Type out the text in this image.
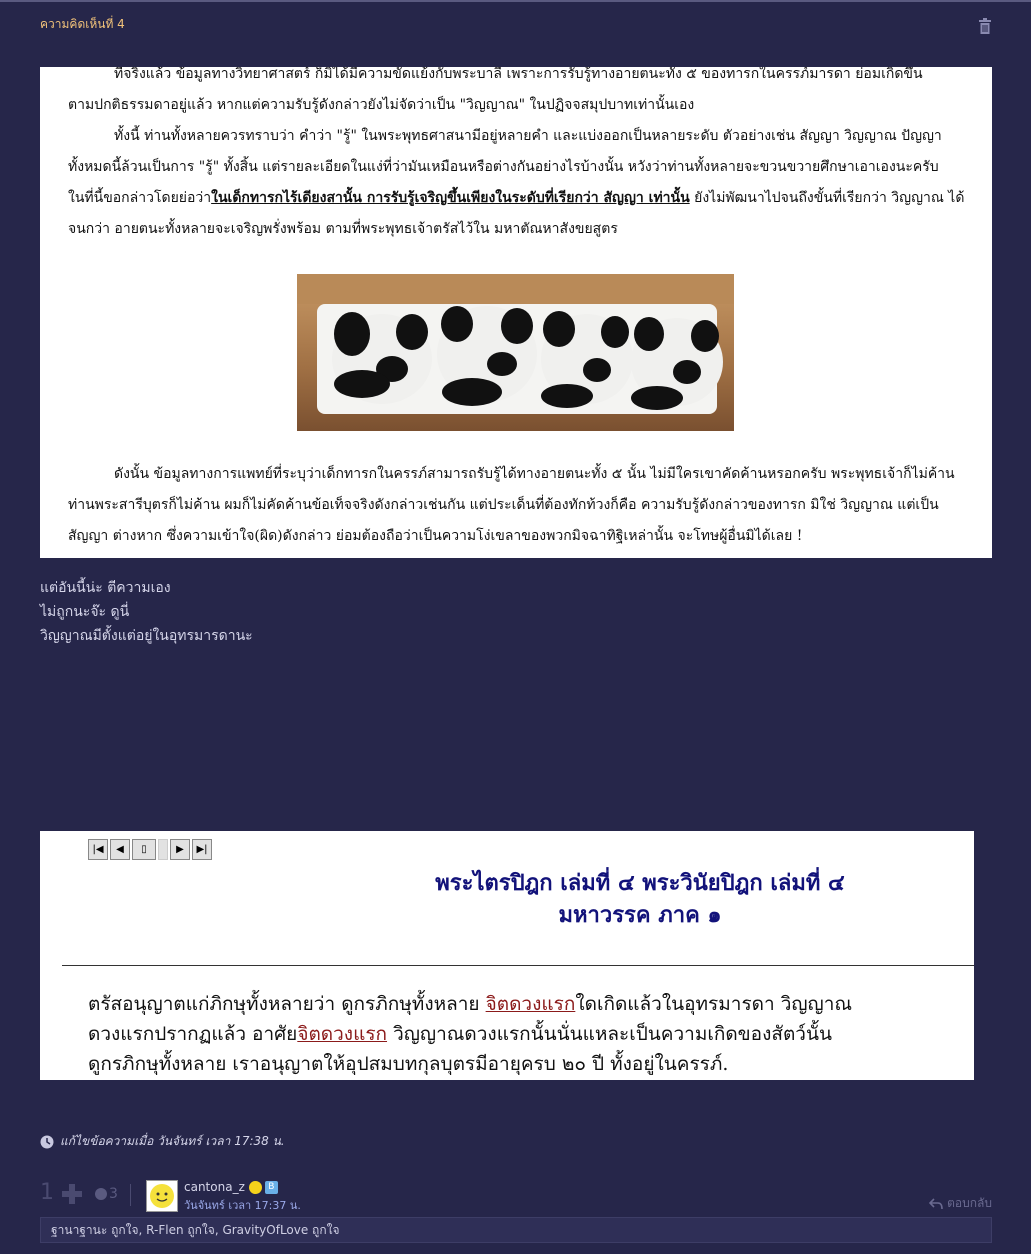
ความคิดเห็นที่ 4

ที่จริงแล้ว ข้อมูลทางวิทยาศาสตร์ ก็มิได้มีความขัดแย้งกับพระบาลี เพราะการรับรู้ทางอายตนะทั้ง ๕ ของทารกในครรภ์มารดา ย่อมเกิดขึ้น

ตามปกติธรรมดาอยู่แล้ว หากแต่ความรับรู้ดังกล่าวยังไม่จัดว่าเป็น "วิญญาณ" ในปฏิจจสมุปบาทเท่านั้นเอง

ทั้งนี้ ท่านทั้งหลายควรทราบว่า คำว่า "รู้" ในพระพุทธศาสนามีอยู่หลายคำ และแบ่งออกเป็นหลายระดับ ตัวอย่างเช่น สัญญา วิญญาณ ปัญญา

ทั้งหมดนี้ล้วนเป็นการ "รู้" ทั้งสิ้น แต่รายละเอียดในแง่ที่ว่ามันเหมือนหรือต่างกันอย่างไรบ้างนั้น หวังว่าท่านทั้งหลายจะขวนขวายศึกษาเอาเองนะครับ

ในที่นี้ขอกล่าวโดยย่อว่าในเด็กทารกไร้เดียงสานั้น การรับรู้เจริญขึ้นเพียงในระดับที่เรียกว่า สัญญา เท่านั้น ยังไม่พัฒนาไปจนถึงขั้นที่เรียกว่า วิญญาณ ได้

จนกว่า อายตนะทั้งหลายจะเจริญพรั่งพร้อม ตามที่พระพุทธเจ้าตรัสไว้ใน มหาตัณหาสังขยสูตร

ดังนั้น ข้อมูลทางการแพทย์ที่ระบุว่าเด็กทารกในครรภ์สามารถรับรู้ได้ทางอายตนะทั้ง ๕ นั้น ไม่มีใครเขาคัดค้านหรอกครับ พระพุทธเจ้าก็ไม่ค้าน

ท่านพระสารีบุตรก็ไม่ค้าน ผมก็ไม่คัดค้านข้อเท็จจริงดังกล่าวเช่นกัน แต่ประเด็นที่ต้องทักท้วงก็คือ ความรับรู้ดังกล่าวของทารก มิใช่ วิญญาณ แต่เป็น

สัญญา ต่างหาก ซึ่งความเข้าใจ(ผิด)ดังกล่าว ย่อมต้องถือว่าเป็นความโง่เขลาของพวกมิจฉาทิฐิเหล่านั้น จะโทษผู้อื่นมิได้เลย !

แต่อันนี้น่ะ ตีความเอง
ไม่ถูกนะจ๊ะ ดูนี่
วิญญาณมีตั้งแต่อยู่ในอุทรมารดานะ
|◀	◀	▯	▶	▶|
พระไตรปิฎก เล่มที่ ๔ พระวินัยปิฎก เล่มที่ ๔
มหาวรรค ภาค ๑
ตรัสอนุญาตแก่ภิกษุทั้งหลายว่า ดูกรภิกษุทั้งหลาย จิตดวงแรกใดเกิดแล้วในอุทรมารดา วิญญาณ
ดวงแรกปรากฏแล้ว อาศัยจิตดวงแรก วิญญาณดวงแรกนั้นนั่นแหละเป็นความเกิดของสัตว์นั้น
ดูกรภิกษุทั้งหลาย เราอนุญาตให้อุปสมบทกุลบุตรมีอายุครบ ๒๐ ปี ทั้งอยู่ในครรภ์.
แก้ไขข้อความเมื่อ วันจันทร์ เวลา 17:38 น.
1	3	cantona_z	B
วันจันทร์ เวลา 17:37 น.	ตอบกลับ
ฐานาฐานะ ถูกใจ, R-Flen ถูกใจ, GravityOfLove ถูกใจ
